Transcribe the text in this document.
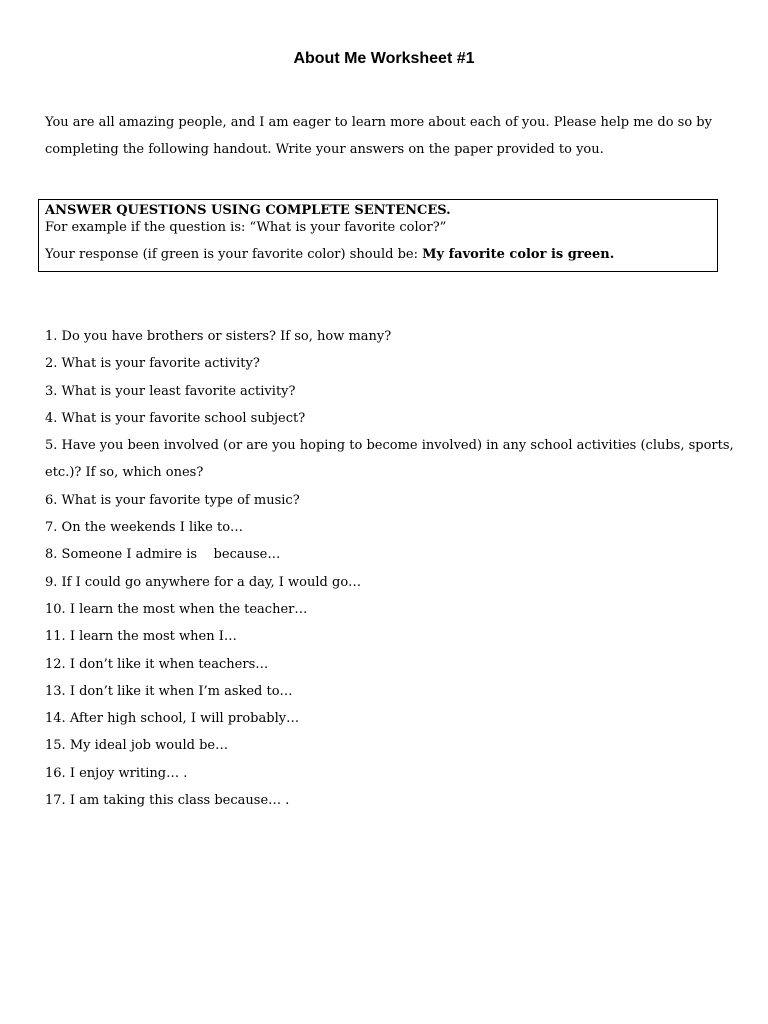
About Me Worksheet #1

You are all amazing people, and I am eager to learn more about each of you. Please help me do so by completing the following handout. Write your answers on the paper provided to you.

ANSWER QUESTIONS USING COMPLETE SENTENCES.
For example if the question is: “What is your favorite color?”
Your response (if green is your favorite color) should be: My favorite color is green.
1. Do you have brothers or sisters? If so, how many?
2. What is your favorite activity?
3. What is your least favorite activity?
4. What is your favorite school subject?
5. Have you been involved (or are you hoping to become involved) in any school activities (clubs, sports, etc.)? If so, which ones?
6. What is your favorite type of music?
7. On the weekends I like to…
8. Someone I admire is    because…
9. If I could go anywhere for a day, I would go…
10. I learn the most when the teacher…
11. I learn the most when I…
12. I don’t like it when teachers…
13. I don’t like it when I’m asked to…
14. After high school, I will probably…
15. My ideal job would be…
16. I enjoy writing… .
17. I am taking this class because… .
